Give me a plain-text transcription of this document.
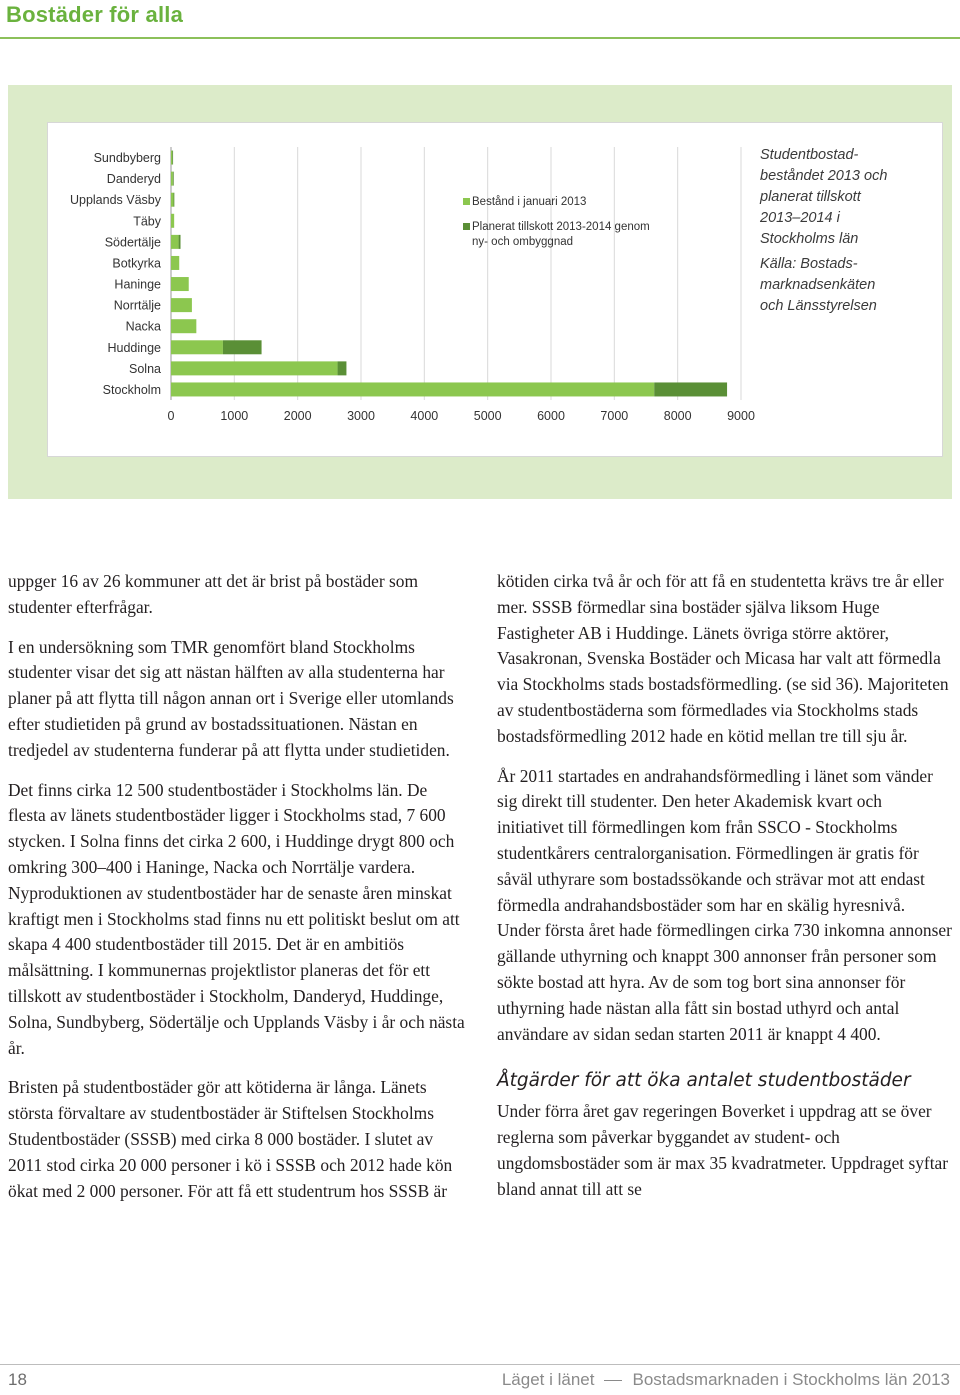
Bostäder för alla
0	1000	2000	3000	4000	5000	6000	7000	8000	9000
Sundbyberg
Danderyd
Upplands Väsby
Täby
Södertälje
Botkyrka
Haninge
Norrtälje
Nacka
Huddinge
Solna
Stockholm
Bestånd i januari 2013
Planerat tillskott 2013-2014 genom
ny- och ombyggnad

Studentbostad-
beståndet 2013 och
planerat tillskott
2013–2014 i
Stockholms län

Källa: Bostads-
marknadsenkäten
och Länsstyrelsen

uppger 16 av 26 kommuner att det är brist på bostäder som studenter efterfrågar.

I en undersökning som TMR genomfört bland Stockholms studenter visar det sig att nästan hälften av alla studenterna har planer på att flytta till någon annan ort i Sverige eller utomlands efter studietiden på grund av bostadssituationen. Nästan en tredjedel av studenterna funderar på att flytta under studietiden.

Det finns cirka 12 500 studentbostäder i Stockholms län. De flesta av länets studentbostäder ligger i Stockholms stad, 7 600 stycken. I Solna finns det cirka 2 600, i Huddinge drygt 800 och omkring 300–400 i Haninge, Nacka och Norrtälje vardera. Nyproduktionen av studentbostäder har de senaste åren minskat kraftigt men i Stockholms stad finns nu ett politiskt beslut om att skapa 4 400 studentbostäder till 2015. Det är en ambitiös målsättning. I kommunernas projektlistor planeras det för ett tillskott av studentbostäder i Stockholm, Danderyd, Huddinge, Solna, Sundbyberg, Södertälje och Upplands Väsby i år och nästa år.

Bristen på studentbostäder gör att kötiderna är långa. Länets största förvaltare av studentbostäder är Stiftelsen Stockholms Studentbostäder (SSSB) med cirka 8 000 bostäder. I slutet av 2011 stod cirka 20 000 personer i kö i SSSB och 2012 hade kön ökat med 2 000 personer. För att få ett studentrum hos SSSB är

kötiden cirka två år och för att få en studentetta krävs tre år eller mer. SSSB förmedlar sina bostäder själva liksom Huge Fastigheter AB i Huddinge. Länets övriga större aktörer, Vasakronan, Svenska Bostäder och Micasa har valt att förmedla via Stockholms stads bostadsförmedling. (se sid 36). Majoriteten av studentbostäderna som förmedlades via Stockholms stads bostadsförmedling 2012 hade en kötid mellan tre till sju år.

År 2011 startades en andrahandsförmedling i länet som vänder sig direkt till studenter. Den heter Akademisk kvart och initiativet till förmedlingen kom från SSCO - Stockholms studentkårers centralorganisation. Förmedlingen är gratis för såväl uthyrare som bostadssökande och strävar mot att endast förmedla andrahandsbostäder som har en skälig hyresnivå. Under första året hade förmedlingen cirka 730 inkomna annonser gällande uthyrning och knappt 300 annonser från personer som sökte bostad att hyra. Av de som tog bort sina annonser för uthyrning hade nästan alla fått sin bostad uthyrd och antal användare av sidan sedan starten 2011 är knappt 4 400.

Åtgärder för att öka antalet studentbostäder

Under förra året gav regeringen Boverket i uppdrag att se över reglerna som påverkar byggandet av student- och ungdomsbostäder som är max 35 kvadratmeter. Uppdraget syftar bland annat till att se

18	Läget i länet Bostadsmarknaden i Stockholms län 2013
